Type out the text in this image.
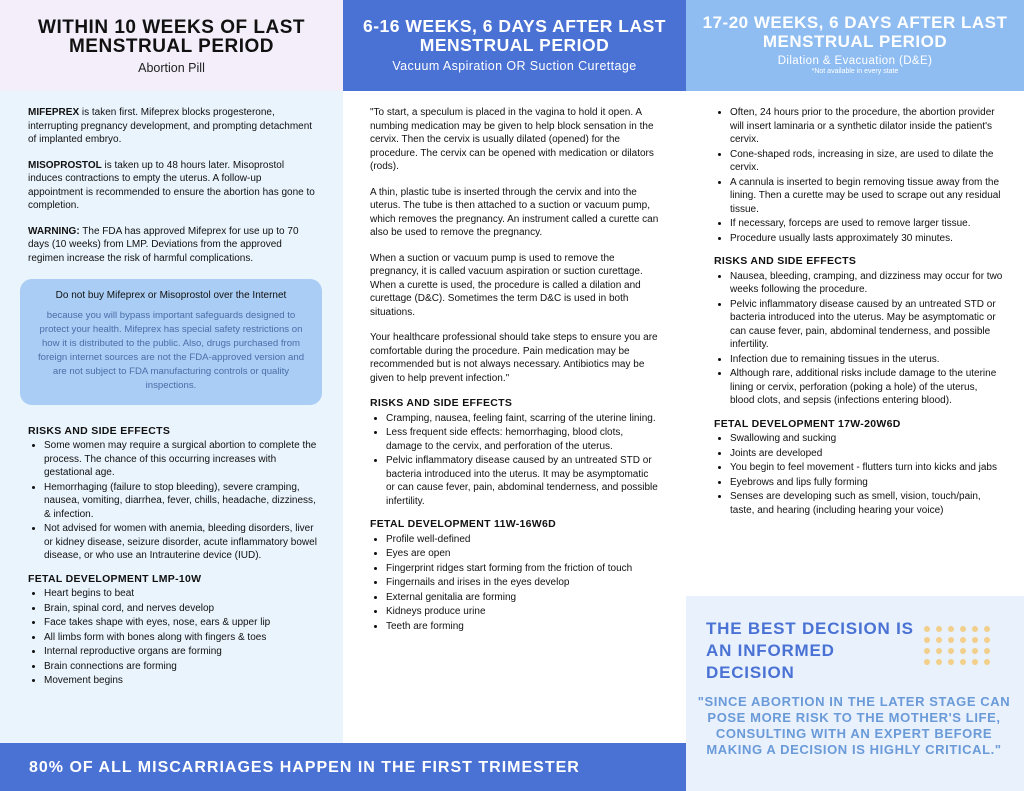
WITHIN 10 WEEKS OF LAST MENSTRUAL PERIOD
Abortion Pill

MIFEPREX is taken first. Mifeprex blocks progesterone, interrupting pregnancy development, and prompting detachment of implanted embryo.

MISOPROSTOL is taken up to 48 hours later. Misoprostol induces contractions to empty the uterus. A follow-up appointment is recommended to ensure the abortion has gone to completion.

WARNING: The FDA has approved Mifeprex for use up to 70 days (10 weeks) from LMP. Deviations from the approved regimen increase the risk of harmful complications.

Do not buy Mifeprex or Misoprostol over the Internet
because you will bypass important safeguards designed to protect your health. Mifeprex has special safety restrictions on how it is distributed to the public. Also, drugs purchased from foreign internet sources are not the FDA-approved version and are not subject to FDA manufacturing controls or quality inspections.
RISKS AND SIDE EFFECTS
• Some women may require a surgical abortion to complete the process. The chance of this occurring increases with gestational age.
• Hemorrhaging (failure to stop bleeding), severe cramping, nausea, vomiting, diarrhea, fever, chills, headache, dizziness, & infection.
• Not advised for women with anemia, bleeding disorders, liver or kidney disease, seizure disorder, acute inflammatory bowel disease, or who use an Intrauterine device (IUD).
FETAL DEVELOPMENT LMP-10W
• Heart begins to beat
• Brain, spinal cord, and nerves develop
• Face takes shape with eyes, nose, ears & upper lip
• All limbs form with bones along with fingers & toes
• Internal reproductive organs are forming
• Brain connections are forming
• Movement begins
6-16 WEEKS, 6 DAYS AFTER LAST MENSTRUAL PERIOD
Vacuum Aspiration OR Suction Curettage

"To start, a speculum is placed in the vagina to hold it open. A numbing medication may be given to help block sensation in the cervix. Then the cervix is usually dilated (opened) for the procedure. The cervix can be opened with medication or dilators (rods).

A thin, plastic tube is inserted through the cervix and into the uterus. The tube is then attached to a suction or vacuum pump, which removes the pregnancy. An instrument called a curette can also be used to remove the pregnancy.

When a suction or vacuum pump is used to remove the pregnancy, it is called vacuum aspiration or suction curettage. When a curette is used, the procedure is called a dilation and curettage (D&C). Sometimes the term D&C is used in both situations.

Your healthcare professional should take steps to ensure you are comfortable during the procedure. Pain medication may be recommended but is not always necessary. Antibiotics may be given to help prevent infection."

RISKS AND SIDE EFFECTS
• Cramping, nausea, feeling faint, scarring of the uterine lining.
• Less frequent side effects: hemorrhaging, blood clots, damage to the cervix, and perforation of the uterus.
• Pelvic inflammatory disease caused by an untreated STD or bacteria introduced into the uterus. It may be asymptomatic or can cause fever, pain, abdominal tenderness, and possible infertility.
FETAL DEVELOPMENT 11W-16W6D
• Profile well-defined
• Eyes are open
• Fingerprint ridges start forming from the friction of touch
• Fingernails and irises in the eyes develop
• External genitalia are forming
• Kidneys produce urine
• Teeth are forming
17-20 WEEKS, 6 DAYS AFTER LAST MENSTRUAL PERIOD
Dilation & Evacuation (D&E)
*Not available in every state
• Often, 24 hours prior to the procedure, the abortion provider will insert laminaria or a synthetic dilator inside the patient's cervix.
• Cone-shaped rods, increasing in size, are used to dilate the cervix.
• A cannula is inserted to begin removing tissue away from the lining. Then a curette may be used to scrape out any residual tissue.
• If necessary, forceps are used to remove larger tissue.
• Procedure usually lasts approximately 30 minutes.
RISKS AND SIDE EFFECTS
• Nausea, bleeding, cramping, and dizziness may occur for two weeks following the procedure.
• Pelvic inflammatory disease caused by an untreated STD or bacteria introduced into the uterus. May be asymptomatic or can cause fever, pain, abdominal tenderness, and possible infertility.
• Infection due to remaining tissues in the uterus.
• Although rare, additional risks include damage to the uterine lining or cervix, perforation (poking a hole) of the uterus, blood clots, and sepsis (infections entering blood).
FETAL DEVELOPMENT 17W-20W6D
• Swallowing and sucking
• Joints are developed
• You begin to feel movement - flutters turn into kicks and jabs
• Eyebrows and lips fully forming
• Senses are developing such as smell, vision, touch/pain, taste, and hearing (including hearing your voice)
THE BEST DECISION IS AN INFORMED DECISION
"SINCE ABORTION IN THE LATER STAGE CAN POSE MORE RISK TO THE MOTHER'S LIFE, CONSULTING WITH AN EXPERT BEFORE MAKING A DECISION IS HIGHLY CRITICAL."
80% OF ALL MISCARRIAGES HAPPEN IN THE FIRST TRIMESTER
